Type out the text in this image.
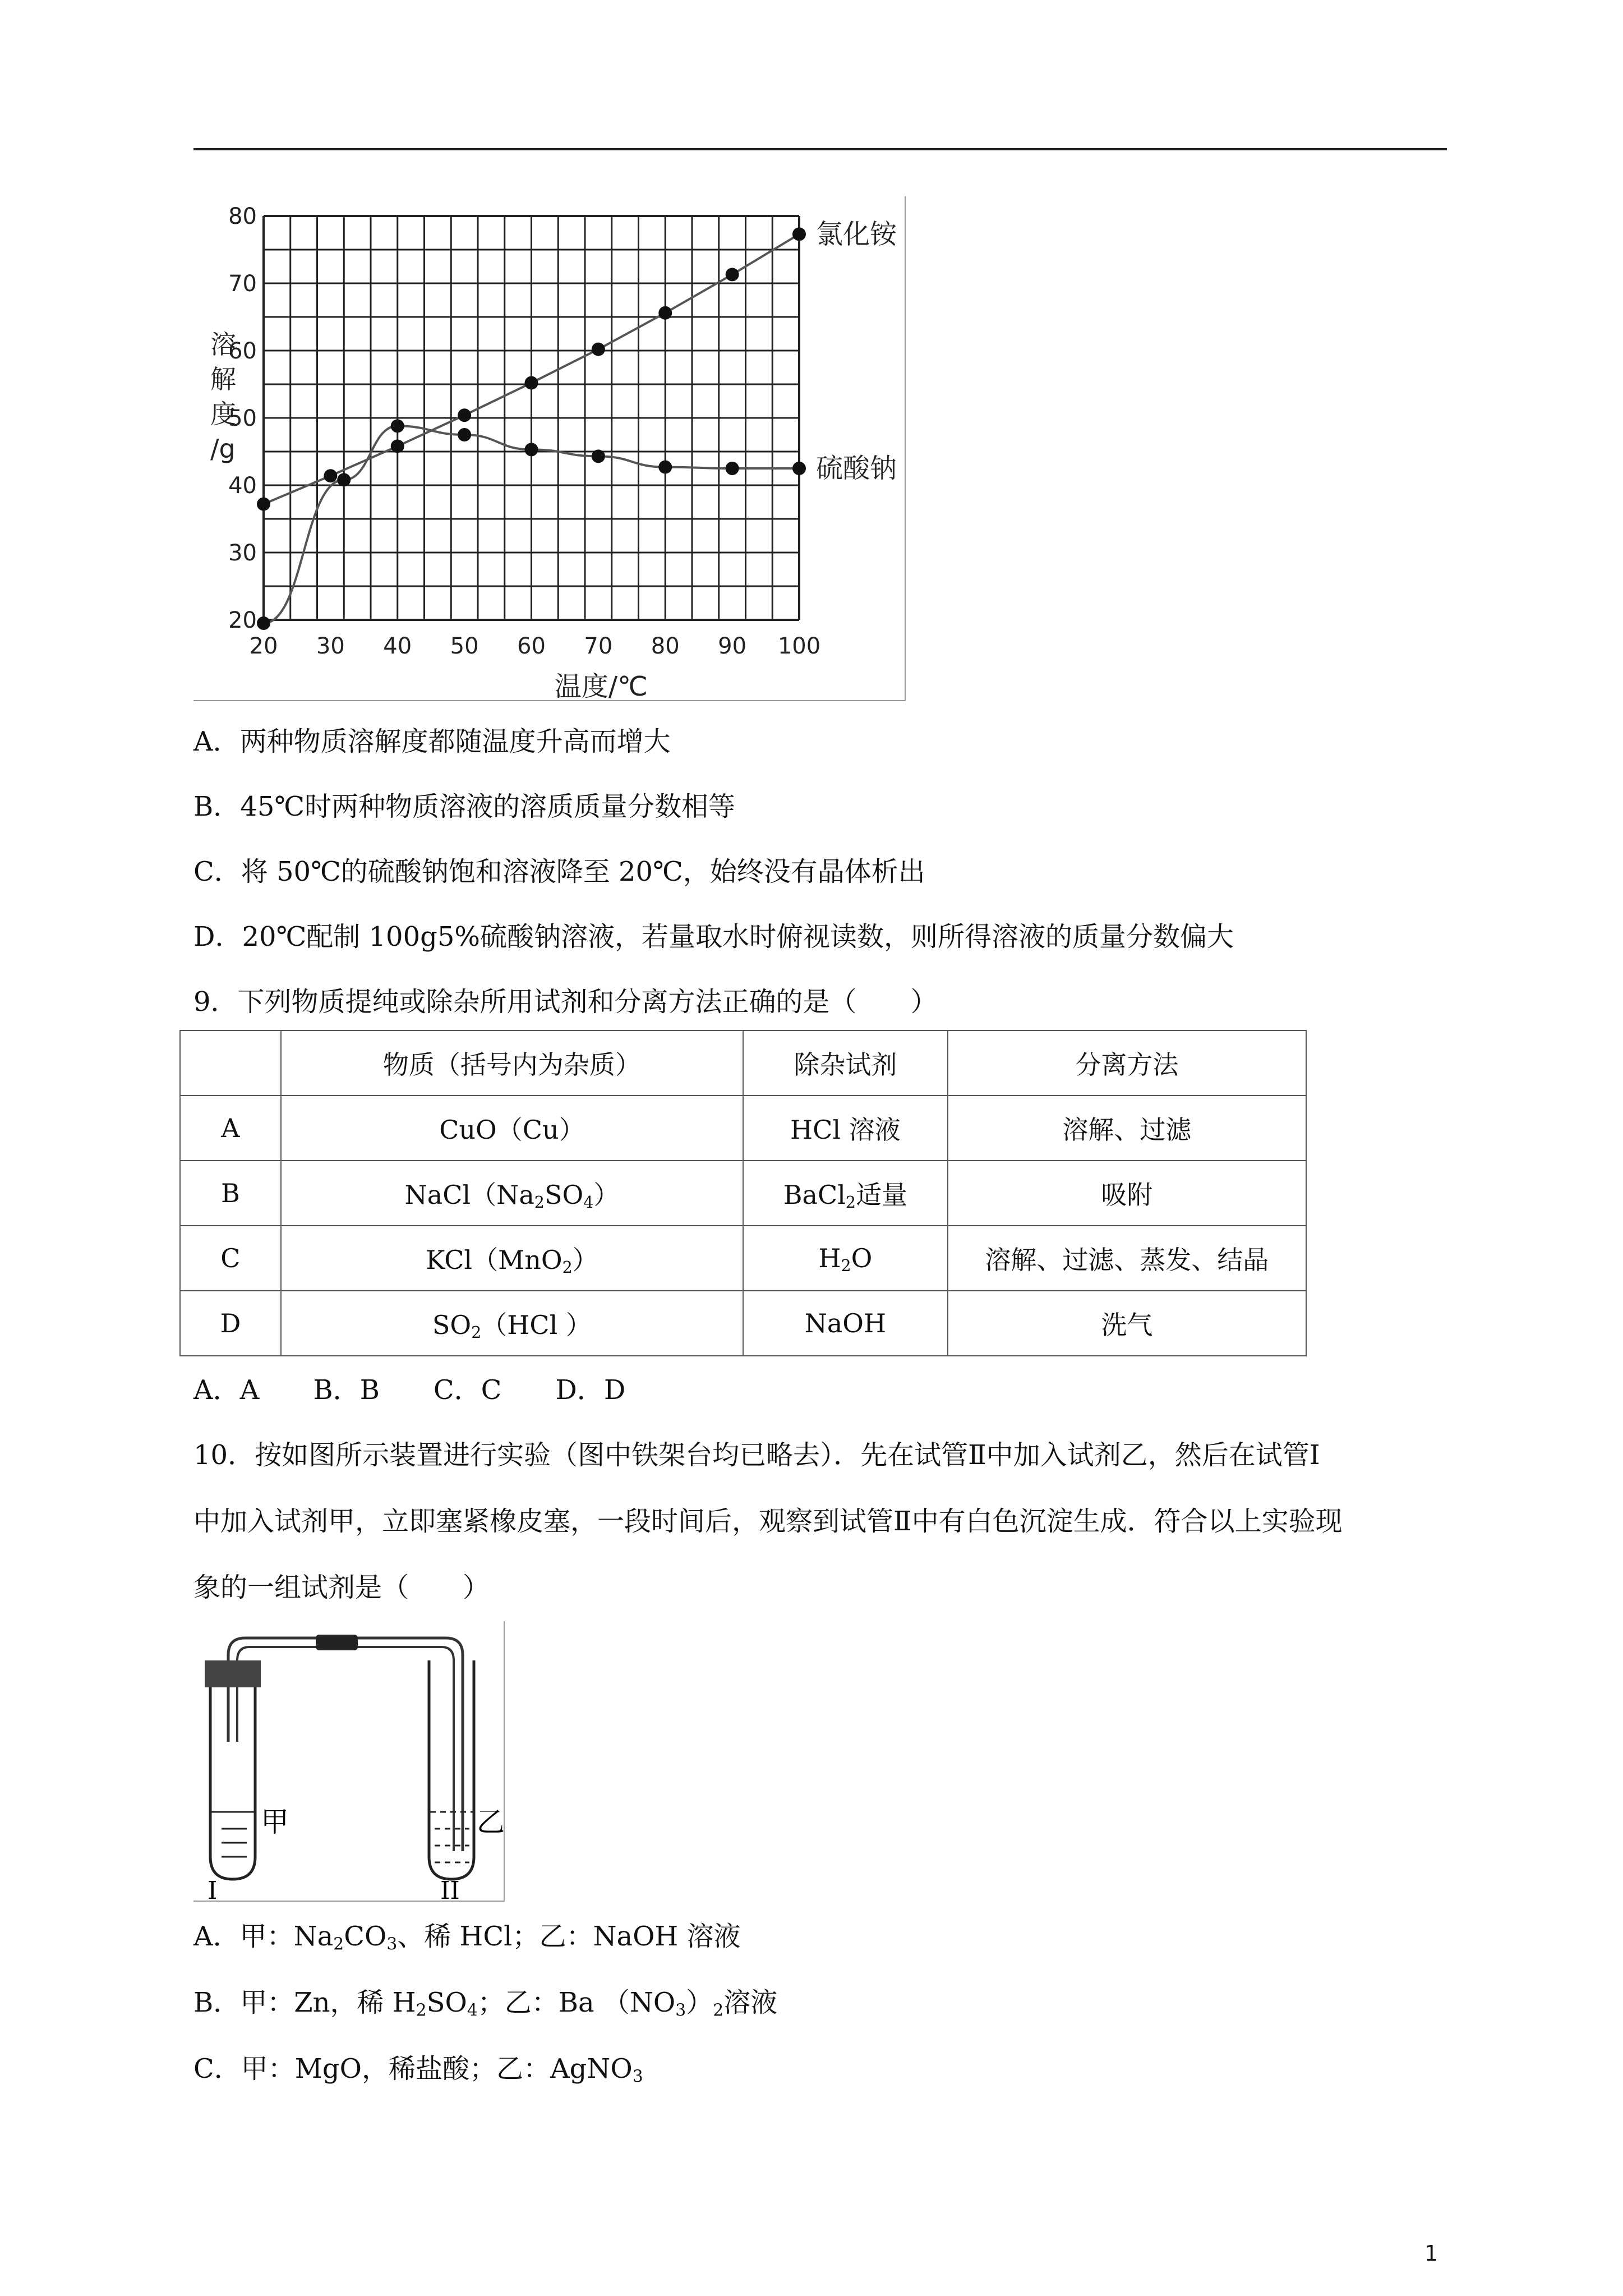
20 30 40 50 60 70 80 90 100
20
30
40
50
60
70
80
氯化铵
硫酸钠
溶
解
度
/g
温度/℃
A．两种物质溶解度都随温度升高而增大
B．45℃时两种物质溶液的溶质质量分数相等
C．将 50℃的硫酸钠饱和溶液降至 20℃，始终没有晶体析出
D．20℃配制 100g5%硫酸钠溶液，若量取水时俯视读数，则所得溶液的质量分数偏大
9．下列物质提纯或除杂所用试剂和分离方法正确的是（　　）
	物质（括号内为杂质）	除杂试剂	分离方法
A	CuO（Cu）	HCl 溶液	溶解、过滤
B	$NaCl(Na_2SO_4)$	BaCl$_2$适量	吸附
C	KCl（MnO$_2$）	$H_2O$	溶解、过滤、蒸发、结晶
D	$SO_2(HCl$ ）	NaOH	洗气
A．A　　B．B　　C．C　　D．D
10．按如图所示装置进行实验（图中铁架台均已略去）．先在试管Ⅱ中加入试剂乙，然后在试管Ⅰ
中加入试剂甲，立即塞紧橡皮塞，一段时间后，观察到试管Ⅱ中有白色沉淀生成．符合以上实验现
象的一组试剂是（　　）
甲	乙
I	II
A．甲：$Na_2CO_3$、稀 HCl；乙：NaOH 溶液
B．甲：Zn，稀 $H_2SO_4$；乙：Ba $(NO_3)_2$溶液
C．甲：MgO，稀盐酸；乙：AgNO$_3$
1
